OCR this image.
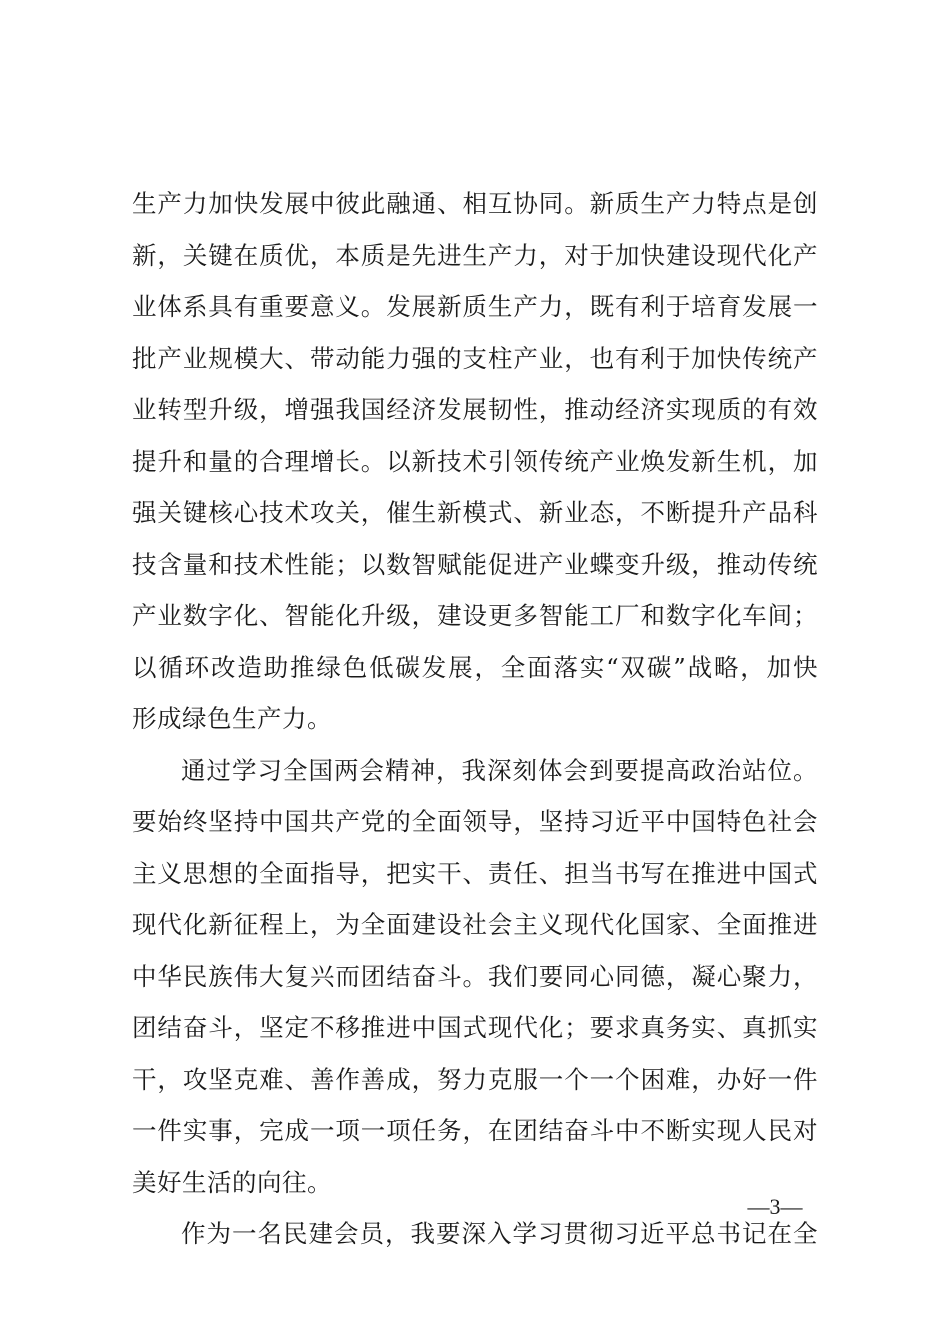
生产力加快发展中彼此融通、相互协同。新质生产力特点是创
新，关键在质优，本质是先进生产力，对于加快建设现代化产
业体系具有重要意义。发展新质生产力，既有利于培育发展一
批产业规模大、带动能力强的支柱产业，也有利于加快传统产
业转型升级，增强我国经济发展韧性，推动经济实现质的有效
提升和量的合理增长。以新技术引领传统产业焕发新生机，加
强关键核心技术攻关，催生新模式、新业态，不断提升产品科
技含量和技术性能；以数智赋能促进产业蝶变升级，推动传统
产业数字化、智能化升级，建设更多智能工厂和数字化车间；
以循环改造助推绿色低碳发展，全面落实“双碳”战略，加快
形成绿色生产力。
通过学习全国两会精神，我深刻体会到要提高政治站位。
要始终坚持中国共产党的全面领导，坚持习近平中国特色社会
主义思想的全面指导，把实干、责任、担当书写在推进中国式
现代化新征程上，为全面建设社会主义现代化国家、全面推进
中华民族伟大复兴而团结奋斗。我们要同心同德，凝心聚力，
团结奋斗，坚定不移推进中国式现代化；要求真务实、真抓实
干，攻坚克难、善作善成，努力克服一个一个困难，办好一件
一件实事，完成一项一项任务，在团结奋斗中不断实现人民对
美好生活的向往。
作为一名民建会员，我要深入学习贯彻习近平总书记在全
—3—
